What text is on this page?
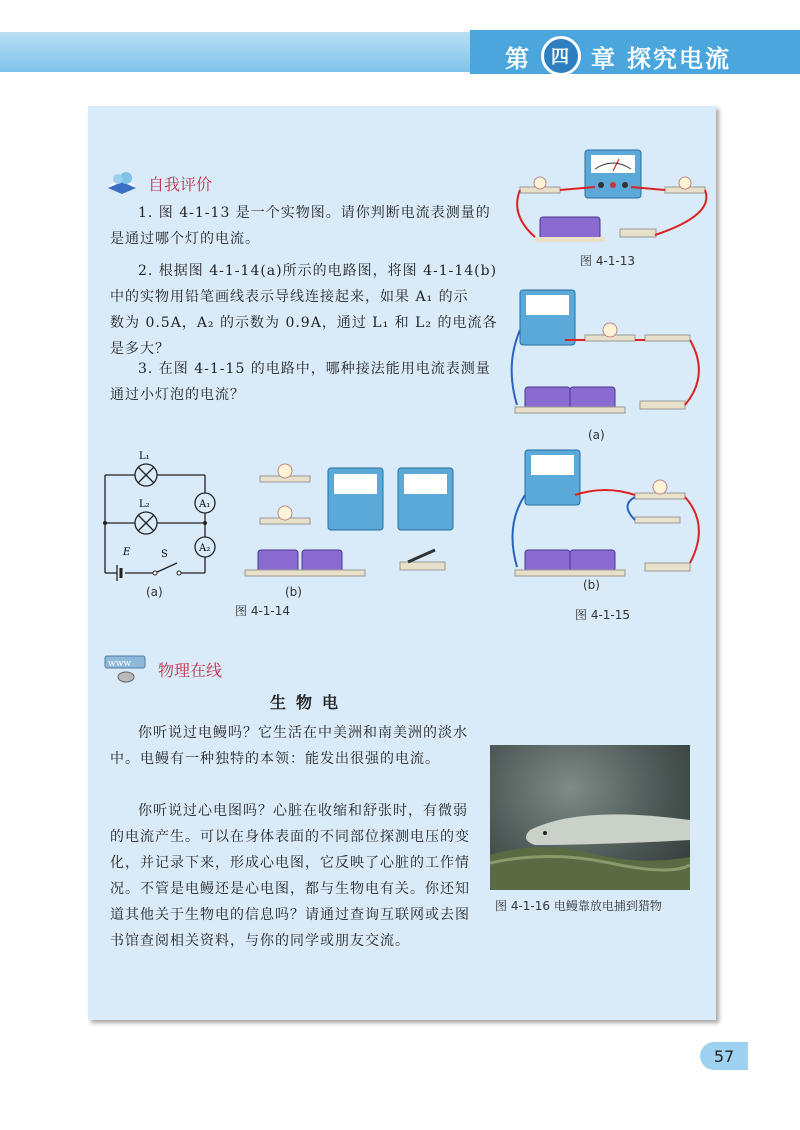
第	四 章 探究电流
自我评价
1. 图 4-1-13 是一个实物图。请你判断电流表测量的是通过哪个灯的电流。
2. 根据图 4-1-14(a)所示的电路图，将图 4-1-14(b)
中的实物用铅笔画线表示导线连接起来，如果 A₁ 的示
数为 0.5A，A₂ 的示数为 0.9A，通过 L₁ 和 L₂ 的电流各
是多大？
3. 在图 4-1-15 的电路中，哪种接法能用电流表测量通过小灯泡的电流？
图 4-1-13
L₁
L₂	A₁
A₂
E	S
(a)	(b)
图 4-1-14
(a)
(b)
图 4-1-15
www 物理在线
生物电
你听说过电鳗吗？它生活在中美洲和南美洲的淡水中。电鳗有一种独特的本领：能发出很强的电流。
你听说过心电图吗？心脏在收缩和舒张时，有微弱的电流产生。可以在身体表面的不同部位探测电压的变化，并记录下来，形成心电图，它反映了心脏的工作情况。不管是电鳗还是心电图，都与生物电有关。你还知道其他关于生物电的信息吗？请通过查询互联网或去图书馆查阅相关资料，与你的同学或朋友交流。
图 4-1-16 电鳗靠放电捕到猎物
57
